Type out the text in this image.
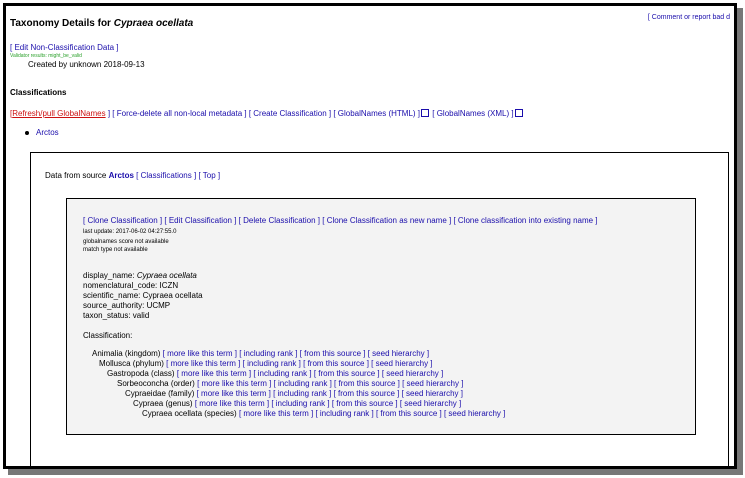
[ Comment or report bad d
Taxonomy Details for Cypraea ocellata
[ Edit Non-Classification Data ]
Validator results: might_be_valid
Created by unknown 2018-09-13
Classifications
[Refresh/pull GlobalNames ] [ Force-delete all non-local metadata ] [ Create Classification ] [ GlobalNames (HTML) ] [ GlobalNames (XML) ]
Arctos
Data from source Arctos [ Classifications ] [ Top ]
[ Clone Classification ] [ Edit Classification ] [ Delete Classification ] [ Clone Classification as new name ] [ Clone classification into existing name ]
last update: 2017-06-02 04:27:55.0
globalnames score not available
match type not available
display_name: Cypraea ocellata
nomenclatural_code: ICZN
scientific_name: Cypraea ocellata
source_authority: UCMP
taxon_status: valid
Classification:
Animalia (kingdom) [ more like this term ] [ including rank ] [ from this source ] [ seed hierarchy ]
Mollusca (phylum) [ more like this term ] [ including rank ] [ from this source ] [ seed hierarchy ]
Gastropoda (class) [ more like this term ] [ including rank ] [ from this source ] [ seed hierarchy ]
Sorbeoconcha (order) [ more like this term ] [ including rank ] [ from this source ] [ seed hierarchy ]
Cypraeidae (family) [ more like this term ] [ including rank ] [ from this source ] [ seed hierarchy ]
Cypraea (genus) [ more like this term ] [ including rank ] [ from this source ] [ seed hierarchy ]
Cypraea ocellata (species) [ more like this term ] [ including rank ] [ from this source ] [ seed hierarchy ]
